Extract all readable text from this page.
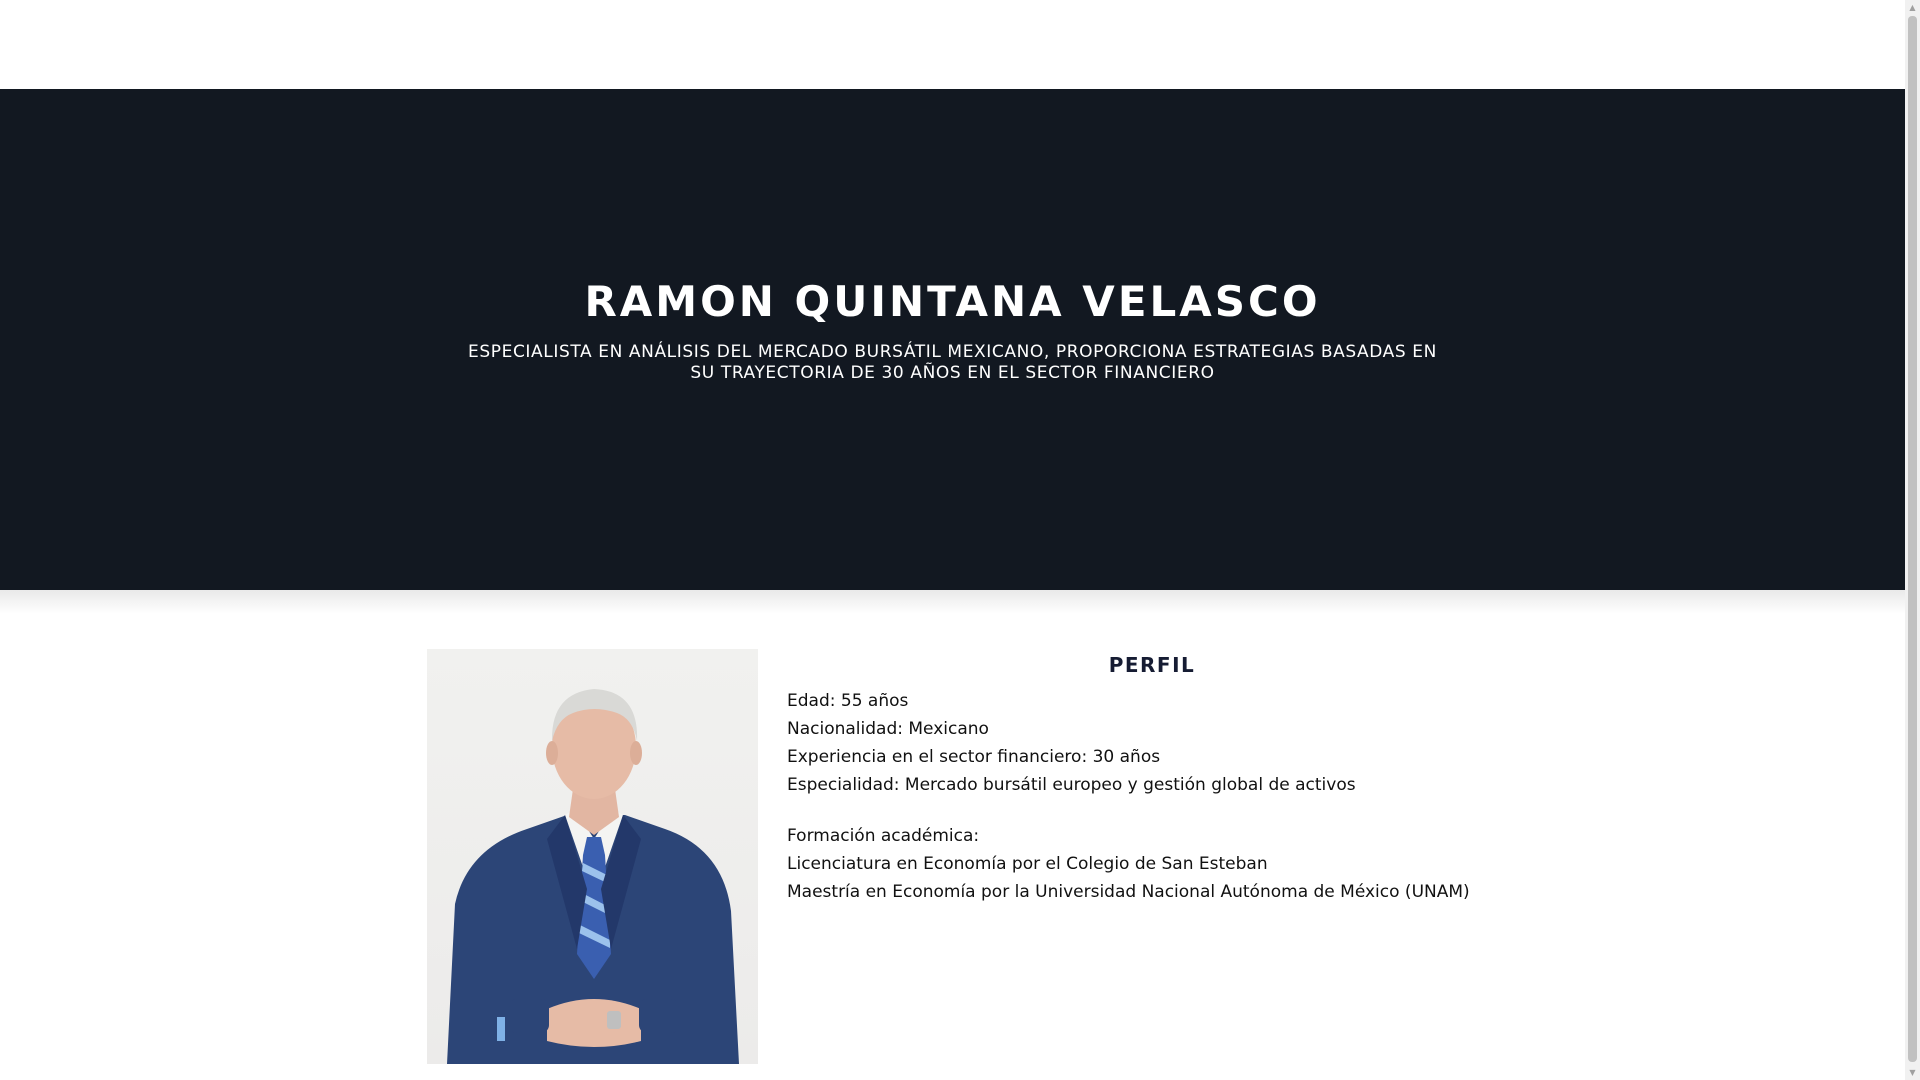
RAMON QUINTANA VELASCO

ESPECIALISTA EN ANÁLISIS DEL MERCADO BURSÁTIL MEXICANO, PROPORCIONA ESTRATEGIAS BASADAS EN SU TRAYECTORIA DE 30 AÑOS EN EL SECTOR FINANCIERO

PERFIL
Edad: 55 años
Nacionalidad: Mexicano
Experiencia en el sector financiero: 30 años
Especialidad: Mercado bursátil europeo y gestión global de activos
Formación académica:
Licenciatura en Economía por el Colegio de San Esteban
Maestría en Economía por la Universidad Nacional Autónoma de México (UNAM)
▲
▼
